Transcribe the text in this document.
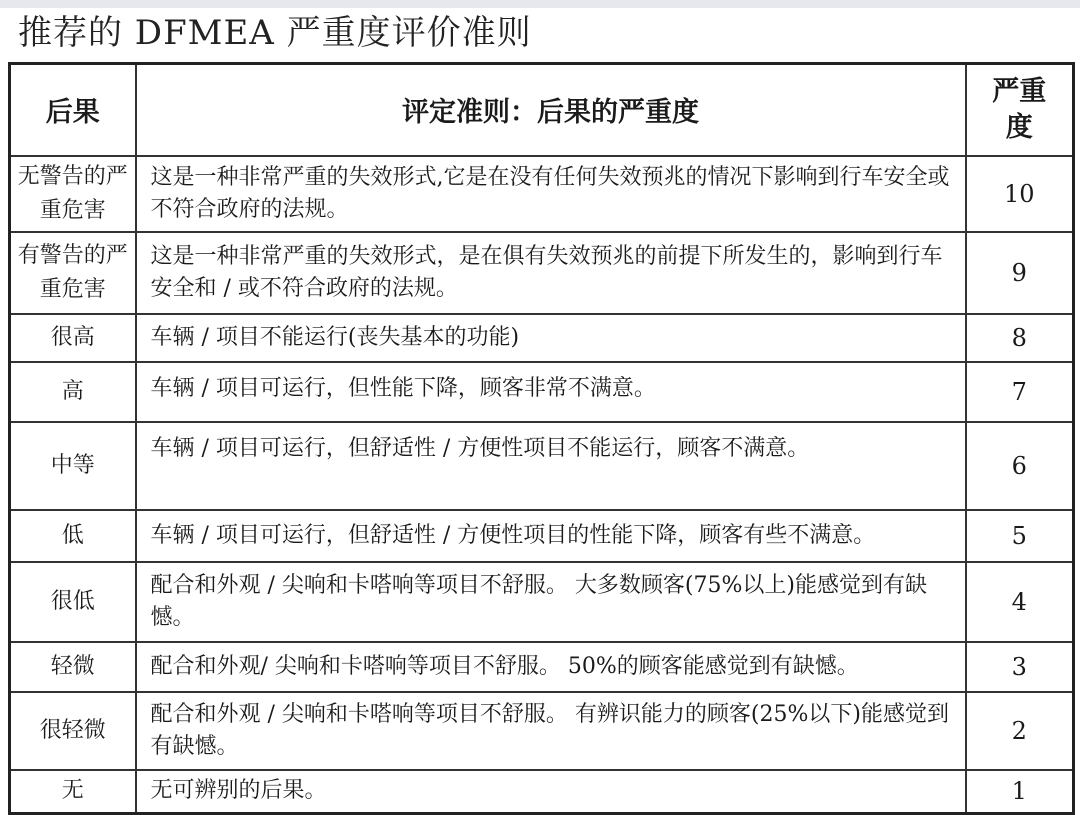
推荐的 DFMEA 严重度评价准则
后果	评定准则：后果的严重度	严重
度

无警告的严重危害	这是一种非常严重的失效形式,它是在没有任何失效预兆的情况下影响到行车安全或不符合政府的法规。	10
有警告的严重危害	这是一种非常严重的失效形式，是在俱有失效预兆的前提下所发生的，影响到行车安全和 / 或不符合政府的法规。	9
很高	车辆 / 项目不能运行(丧失基本的功能)	8
高	车辆 / 项目可运行，但性能下降，顾客非常不满意。	7
中等	车辆 / 项目可运行，但舒适性 / 方便性项目不能运行，顾客不满意。	6
低	车辆 / 项目可运行，但舒适性 / 方便性项目的性能下降，顾客有些不满意。	5
很低	配合和外观 / 尖响和卡嗒响等项目不舒服。 大多数顾客(75%以上)能感觉到有缺憾。	4
轻微	配合和外观/ 尖响和卡嗒响等项目不舒服。 50%的顾客能感觉到有缺憾。	3
很轻微	配合和外观 / 尖响和卡嗒响等项目不舒服。 有辨识能力的顾客(25%以下)能感觉到有缺憾。	2
无	无可辨别的后果。	1
